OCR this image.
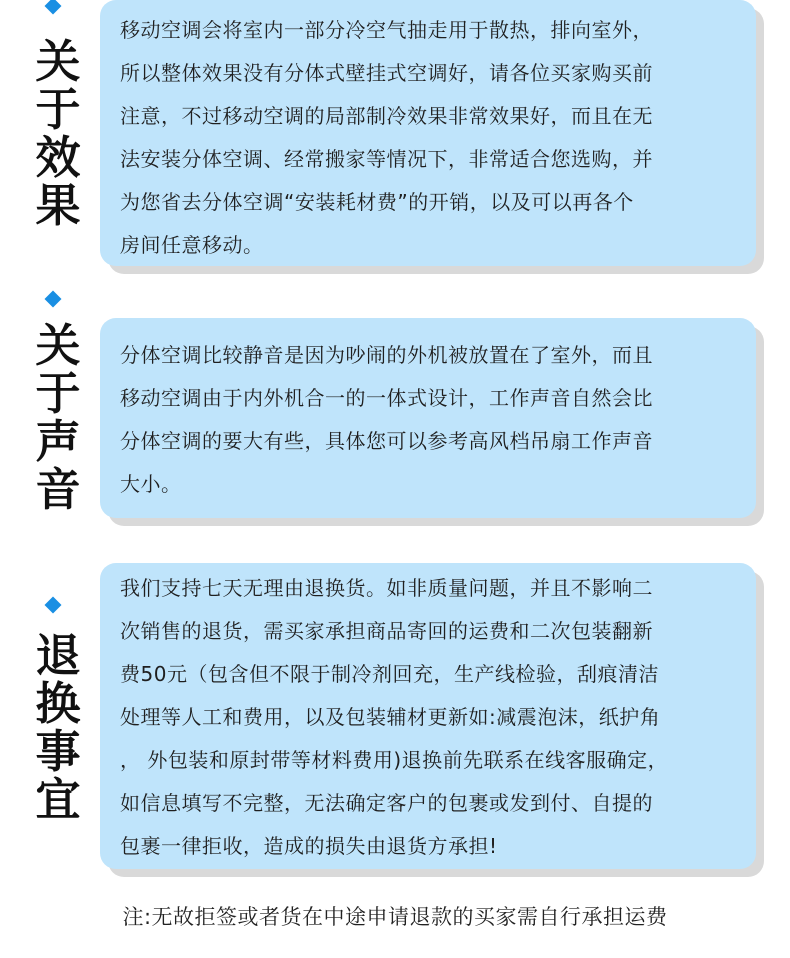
关
于
效
果
移动空调会将室内一部分冷空气抽走用于散热，排向室外，
所以整体效果没有分体式壁挂式空调好，请各位买家购买前
注意，不过移动空调的局部制冷效果非常效果好，而且在无
法安装分体空调、经常搬家等情况下，非常适合您选购，并
为您省去分体空调“安装耗材费”的开销，以及可以再各个
房间任意移动。
关
于
声
音
分体空调比较静音是因为吵闹的外机被放置在了室外，而且
移动空调由于内外机合一的一体式设计，工作声音自然会比
分体空调的要大有些，具体您可以参考高风档吊扇工作声音
大小。
退
换
事
宜
我们支持七天无理由退换货。如非质量问题，并且不影响二
次销售的退货，需买家承担商品寄回的运费和二次包装翻新
费50元（包含但不限于制冷剂回充，生产线检验，刮痕清洁
处理等人工和费用，以及包装辅材更新如:减震泡沫，纸护角
， 外包装和原封带等材料费用)退换前先联系在线客服确定，
如信息填写不完整，无法确定客户的包裹或发到付、自提的
包裹一律拒收，造成的损失由退货方承担!
注:无故拒签或者货在中途申请退款的买家需自行承担运费
